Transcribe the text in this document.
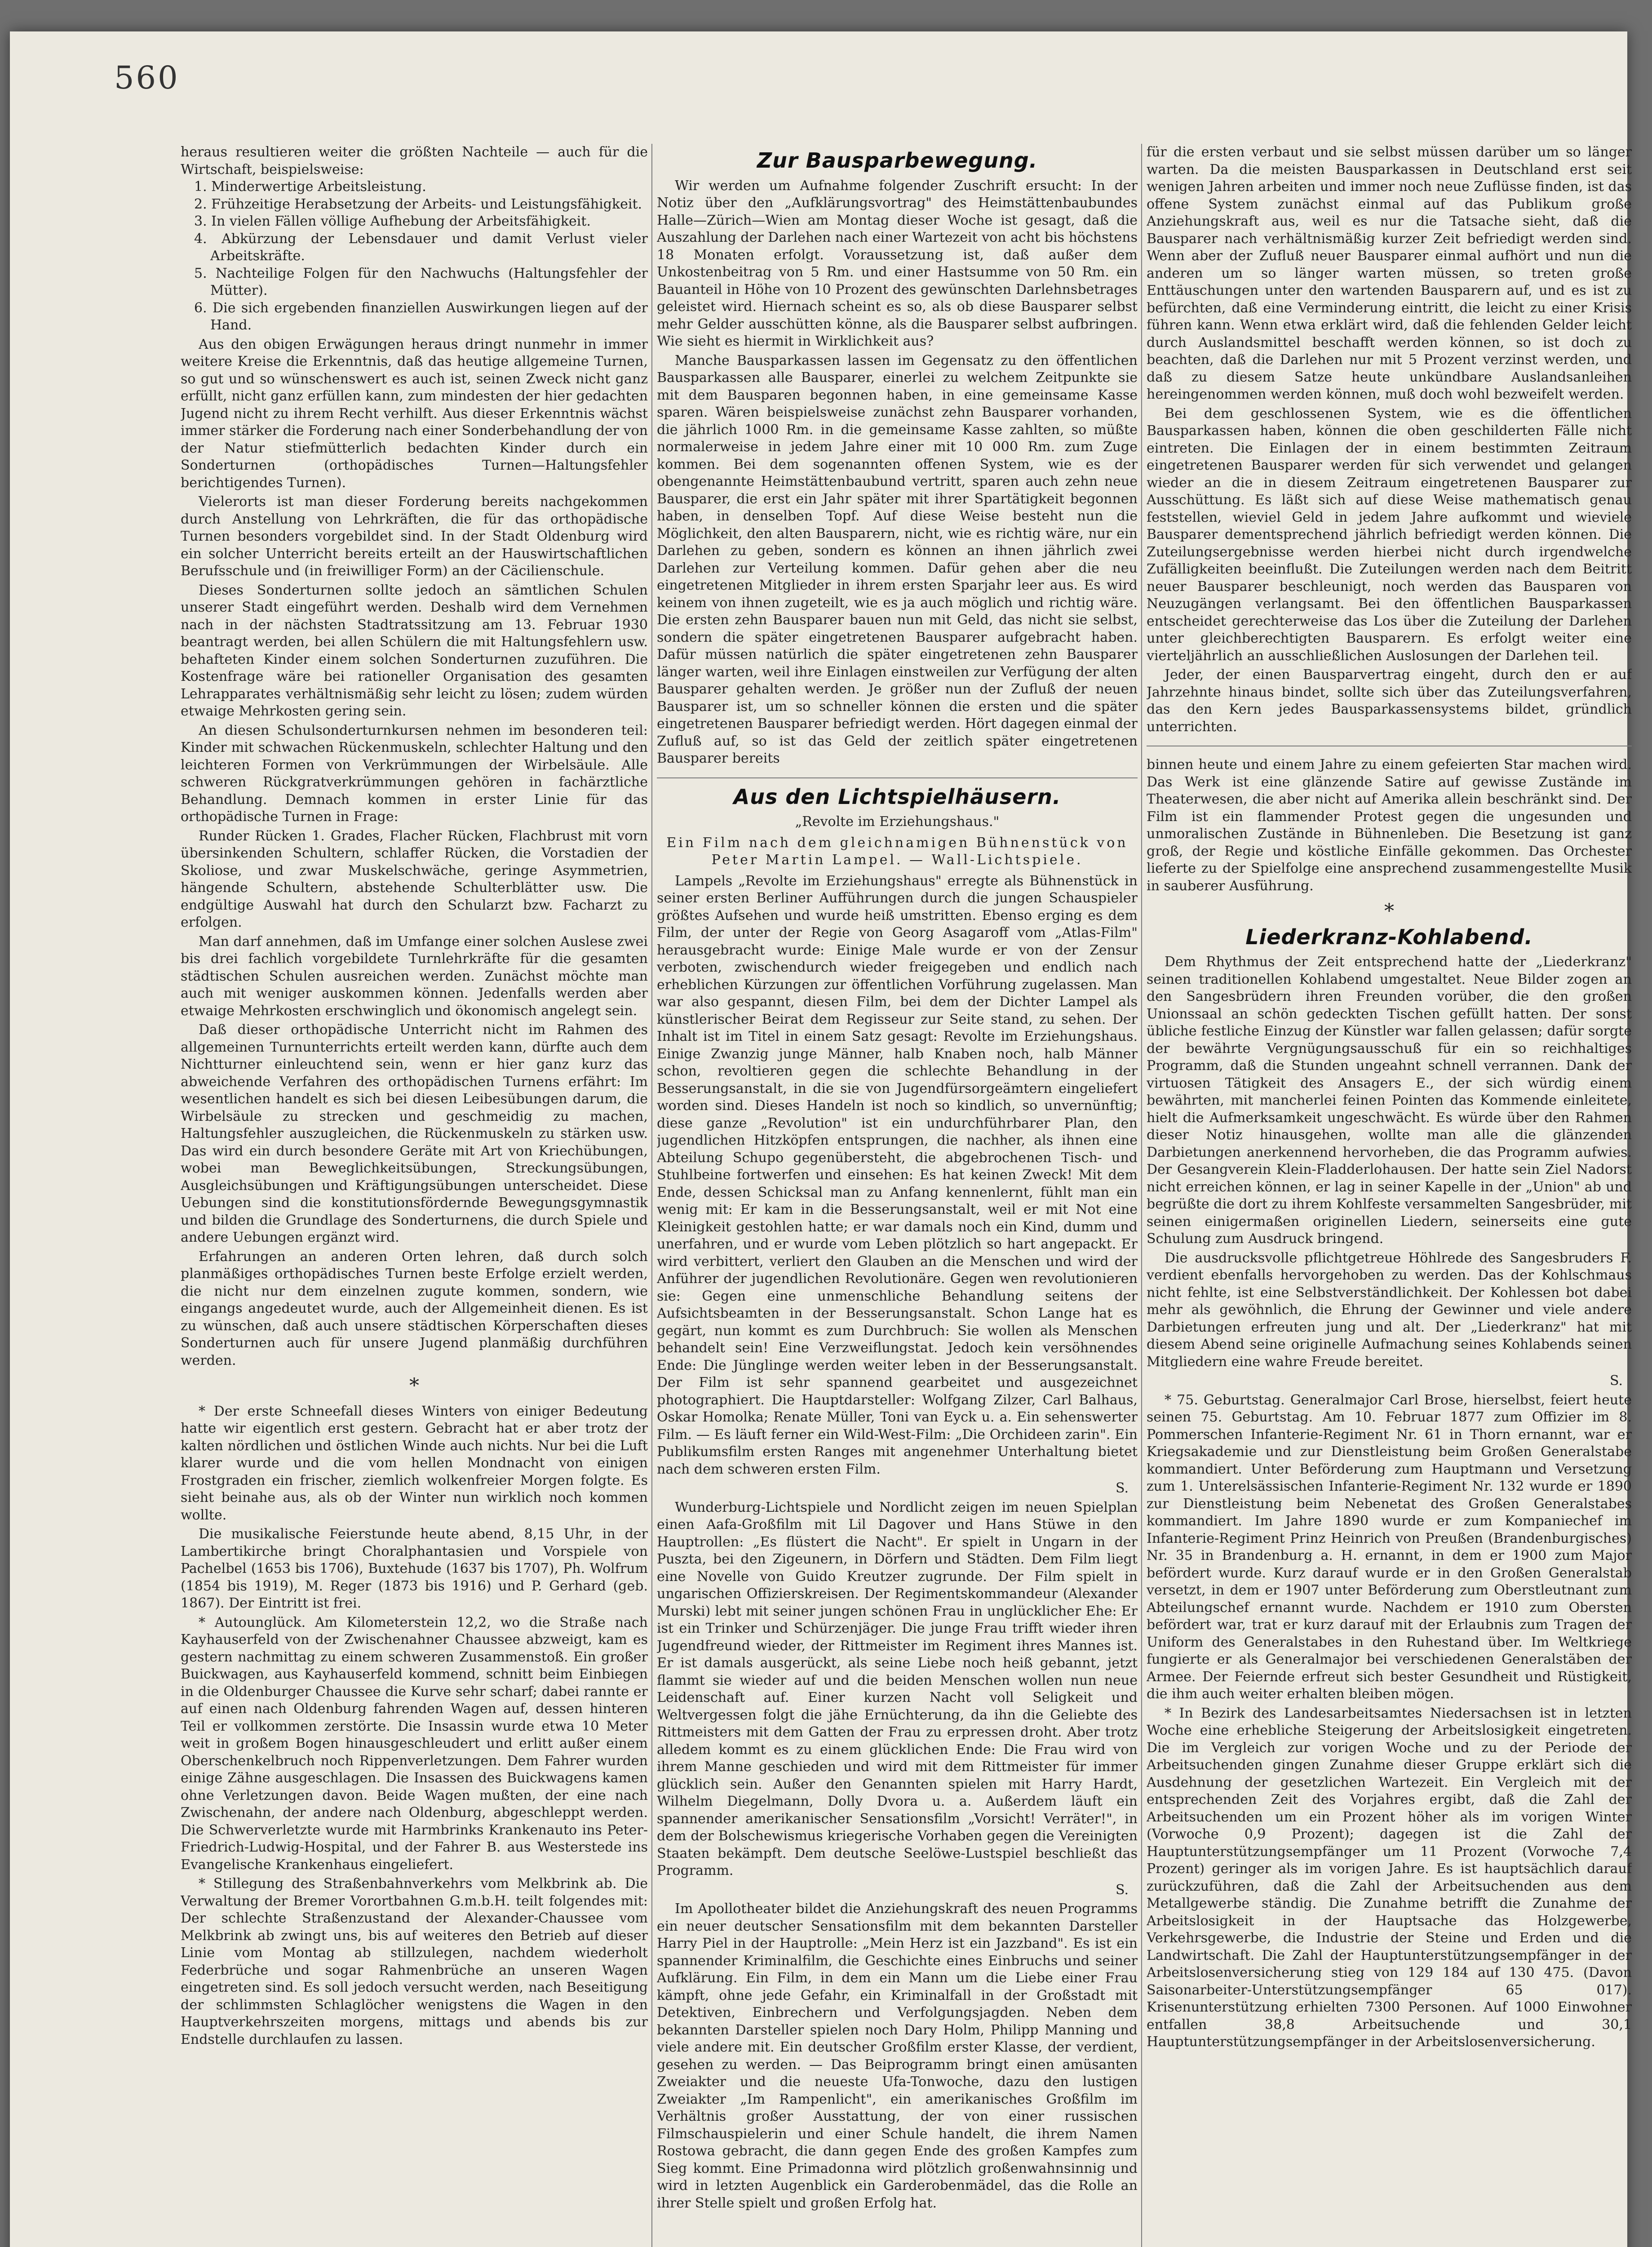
560

heraus resultieren weiter die größten Nachteile — auch für die Wirtschaft, beispielsweise:

1. Minderwertige Arbeitsleistung.

2. Frühzeitige Herabsetzung der Arbeits- und Leistungsfähigkeit.

3. In vielen Fällen völlige Aufhebung der Arbeitsfähigkeit.

4. Abkürzung der Lebensdauer und damit Verlust vieler Arbeitskräfte.

5. Nachteilige Folgen für den Nachwuchs (Haltungsfehler der Mütter).

6. Die sich ergebenden finanziellen Auswirkungen liegen auf der Hand.

Aus den obigen Erwägungen heraus dringt nunmehr in immer weitere Kreise die Erkenntnis, daß das heutige allgemeine Turnen, so gut und so wünschenswert es auch ist, seinen Zweck nicht ganz erfüllt, nicht ganz erfüllen kann, zum mindesten der hier gedachten Jugend nicht zu ihrem Recht verhilft. Aus dieser Erkenntnis wächst immer stärker die Forderung nach einer Sonderbehandlung der von der Natur stiefmütterlich bedachten Kinder durch ein Sonderturnen (orthopädisches Turnen—Haltungsfehler berichtigendes Turnen).

Vielerorts ist man dieser Forderung bereits nachgekommen durch Anstellung von Lehrkräften, die für das orthopädische Turnen besonders vorgebildet sind. In der Stadt Oldenburg wird ein solcher Unterricht bereits erteilt an der Hauswirtschaftlichen Berufsschule und (in freiwilliger Form) an der Cäcilienschule.

Dieses Sonderturnen sollte jedoch an sämtlichen Schulen unserer Stadt eingeführt werden. Deshalb wird dem Vernehmen nach in der nächsten Stadtratssitzung am 13. Februar 1930 beantragt werden, bei allen Schülern die mit Haltungsfehlern usw. behafteten Kinder einem solchen Sonderturnen zuzuführen. Die Kostenfrage wäre bei rationeller Organisation des gesamten Lehrapparates verhältnismäßig sehr leicht zu lösen; zudem würden etwaige Mehrkosten gering sein.

An diesen Schulsonderturnkursen nehmen im besonderen teil: Kinder mit schwachen Rückenmuskeln, schlechter Haltung und den leichteren Formen von Verkrümmungen der Wirbelsäule. Alle schweren Rückgratverkrümmungen gehören in fachärztliche Behandlung. Demnach kommen in erster Linie für das orthopädische Turnen in Frage:

Runder Rücken 1. Grades, Flacher Rücken, Flachbrust mit vorn übersinkenden Schultern, schlaffer Rücken, die Vorstadien der Skoliose, und zwar Muskelschwäche, geringe Asymmetrien, hängende Schultern, abstehende Schulterblätter usw. Die endgültige Auswahl hat durch den Schularzt bzw. Facharzt zu erfolgen.

Man darf annehmen, daß im Umfange einer solchen Auslese zwei bis drei fachlich vorgebildete Turnlehrkräfte für die gesamten städtischen Schulen ausreichen werden. Zunächst möchte man auch mit weniger auskommen können. Jedenfalls werden aber etwaige Mehrkosten erschwinglich und ökonomisch angelegt sein.

Daß dieser orthopädische Unterricht nicht im Rahmen des allgemeinen Turnunterrichts erteilt werden kann, dürfte auch dem Nichtturner einleuchtend sein, wenn er hier ganz kurz das abweichende Verfahren des orthopädischen Turnens erfährt: Im wesentlichen handelt es sich bei diesen Leibesübungen darum, die Wirbelsäule zu strecken und geschmeidig zu machen, Haltungsfehler auszugleichen, die Rückenmuskeln zu stärken usw. Das wird ein durch besondere Geräte mit Art von Kriechübungen, wobei man Beweglichkeitsübungen, Streckungsübungen, Ausgleichsübungen und Kräftigungsübungen unterscheidet. Diese Uebungen sind die konstitutionsfördernde Bewegungsgymnastik und bilden die Grundlage des Sonderturnens, die durch Spiele und andere Uebungen ergänzt wird.

Erfahrungen an anderen Orten lehren, daß durch solch planmäßiges orthopädisches Turnen beste Erfolge erzielt werden, die nicht nur dem einzelnen zugute kommen, sondern, wie eingangs angedeutet wurde, auch der Allgemeinheit dienen. Es ist zu wünschen, daß auch unsere städtischen Körperschaften dieses Sonderturnen auch für unsere Jugend planmäßig durchführen werden.

*

* Der erste Schneefall dieses Winters von einiger Bedeutung hatte wir eigentlich erst gestern. Gebracht hat er aber trotz der kalten nördlichen und östlichen Winde auch nichts. Nur bei die Luft klarer wurde und die vom hellen Mondnacht von einigen Frostgraden ein frischer, ziemlich wolkenfreier Morgen folgte. Es sieht beinahe aus, als ob der Winter nun wirklich noch kommen wollte.

Die musikalische Feierstunde heute abend, 8,15 Uhr, in der Lambertikirche bringt Choralphantasien und Vorspiele von Pachelbel (1653 bis 1706), Buxtehude (1637 bis 1707), Ph. Wolfrum (1854 bis 1919), M. Reger (1873 bis 1916) und P. Gerhard (geb. 1867). Der Eintritt ist frei.

* Autounglück. Am Kilometerstein 12,2, wo die Straße nach Kayhauserfeld von der Zwischenahner Chaussee abzweigt, kam es gestern nachmittag zu einem schweren Zusammenstoß. Ein großer Buickwagen, aus Kayhauserfeld kommend, schnitt beim Einbiegen in die Oldenburger Chaussee die Kurve sehr scharf; dabei rannte er auf einen nach Oldenburg fahrenden Wagen auf, dessen hinteren Teil er vollkommen zerstörte. Die Insassin wurde etwa 10 Meter weit in großem Bogen hinausgeschleudert und erlitt außer einem Oberschenkelbruch noch Rippenverletzungen. Dem Fahrer wurden einige Zähne ausgeschlagen. Die Insassen des Buickwagens kamen ohne Verletzungen davon. Beide Wagen mußten, der eine nach Zwischenahn, der andere nach Oldenburg, abgeschleppt werden. Die Schwerverletzte wurde mit Harmbrinks Krankenauto ins Peter-Friedrich-Ludwig-Hospital, und der Fahrer B. aus Westerstede ins Evangelische Krankenhaus eingeliefert.

* Stillegung des Straßenbahnverkehrs vom Melkbrink ab. Die Verwaltung der Bremer Vorortbahnen G.m.b.H. teilt folgendes mit: Der schlechte Straßenzustand der Alexander-Chaussee vom Melkbrink ab zwingt uns, bis auf weiteres den Betrieb auf dieser Linie vom Montag ab stillzulegen, nachdem wiederholt Federbrüche und sogar Rahmenbrüche an unseren Wagen eingetreten sind. Es soll jedoch versucht werden, nach Beseitigung der schlimmsten Schlaglöcher wenigstens die Wagen in den Hauptverkehrszeiten morgens, mittags und abends bis zur Endstelle durchlaufen zu lassen.

Zur Bausparbewegung.

Wir werden um Aufnahme folgender Zuschrift ersucht: In der Notiz über den „Aufklärungsvortrag" des Heimstättenbaubundes Halle—Zürich—Wien am Montag dieser Woche ist gesagt, daß die Auszahlung der Darlehen nach einer Wartezeit von acht bis höchstens 18 Monaten erfolgt. Voraussetzung ist, daß außer dem Unkostenbeitrag von 5 Rm. und einer Hastsumme von 50 Rm. ein Bauanteil in Höhe von 10 Prozent des gewünschten Darlehnsbetrages geleistet wird. Hiernach scheint es so, als ob diese Bausparer selbst mehr Gelder ausschütten könne, als die Bausparer selbst aufbringen. Wie sieht es hiermit in Wirklichkeit aus?

Manche Bausparkassen lassen im Gegensatz zu den öffentlichen Bausparkassen alle Bausparer, einerlei zu welchem Zeitpunkte sie mit dem Bausparen begonnen haben, in eine gemeinsame Kasse sparen. Wären beispielsweise zunächst zehn Bausparer vorhanden, die jährlich 1000 Rm. in die gemeinsame Kasse zahlten, so müßte normalerweise in jedem Jahre einer mit 10 000 Rm. zum Zuge kommen. Bei dem sogenannten offenen System, wie es der obengenannte Heimstättenbaubund vertritt, sparen auch zehn neue Bausparer, die erst ein Jahr später mit ihrer Spartätigkeit begonnen haben, in denselben Topf. Auf diese Weise besteht nun die Möglichkeit, den alten Bausparern, nicht, wie es richtig wäre, nur ein Darlehen zu geben, sondern es können an ihnen jährlich zwei Darlehen zur Verteilung kommen. Dafür gehen aber die neu eingetretenen Mitglieder in ihrem ersten Sparjahr leer aus. Es wird keinem von ihnen zugeteilt, wie es ja auch möglich und richtig wäre. Die ersten zehn Bausparer bauen nun mit Geld, das nicht sie selbst, sondern die später eingetretenen Bausparer aufgebracht haben. Dafür müssen natürlich die später eingetretenen zehn Bausparer länger warten, weil ihre Einlagen einstweilen zur Verfügung der alten Bausparer gehalten werden. Je größer nun der Zufluß der neuen Bausparer ist, um so schneller können die ersten und die später eingetretenen Bausparer befriedigt werden. Hört dagegen einmal der Zufluß auf, so ist das Geld der zeitlich später eingetretenen Bausparer bereits

Aus den Lichtspielhäusern.

„Revolte im Erziehungshaus."

Ein Film nach dem gleichnamigen Bühnenstück von Peter Martin Lampel. — Wall-Lichtspiele.

Lampels „Revolte im Erziehungshaus" erregte als Bühnenstück in seiner ersten Berliner Aufführungen durch die jungen Schauspieler größtes Aufsehen und wurde heiß umstritten. Ebenso erging es dem Film, der unter der Regie von Georg Asagaroff vom „Atlas-Film" herausgebracht wurde: Einige Male wurde er von der Zensur verboten, zwischendurch wieder freigegeben und endlich nach erheblichen Kürzungen zur öffentlichen Vorführung zugelassen. Man war also gespannt, diesen Film, bei dem der Dichter Lampel als künstlerischer Beirat dem Regisseur zur Seite stand, zu sehen. Der Inhalt ist im Titel in einem Satz gesagt: Revolte im Erziehungshaus. Einige Zwanzig junge Männer, halb Knaben noch, halb Männer schon, revoltieren gegen die schlechte Behandlung in der Besserungsanstalt, in die sie von Jugendfürsorgeämtern eingeliefert worden sind. Dieses Handeln ist noch so kindlich, so unvernünftig; diese ganze „Revolution" ist ein undurchführbarer Plan, den jugendlichen Hitzköpfen entsprungen, die nachher, als ihnen eine Abteilung Schupo gegenübersteht, die abgebrochenen Tisch- und Stuhlbeine fortwerfen und einsehen: Es hat keinen Zweck! Mit dem Ende, dessen Schicksal man zu Anfang kennenlernt, fühlt man ein wenig mit: Er kam in die Besserungsanstalt, weil er mit Not eine Kleinigkeit gestohlen hatte; er war damals noch ein Kind, dumm und unerfahren, und er wurde vom Leben plötzlich so hart angepackt. Er wird verbittert, verliert den Glauben an die Menschen und wird der Anführer der jugendlichen Revolutionäre. Gegen wen revolutionieren sie: Gegen eine unmenschliche Behandlung seitens der Aufsichtsbeamten in der Besserungsanstalt. Schon Lange hat es gegärt, nun kommt es zum Durchbruch: Sie wollen als Menschen behandelt sein! Eine Verzweiflungstat. Jedoch kein versöhnendes Ende: Die Jünglinge werden weiter leben in der Besserungsanstalt. Der Film ist sehr spannend gearbeitet und ausgezeichnet photographiert. Die Hauptdarsteller: Wolfgang Zilzer, Carl Balhaus, Oskar Homolka; Renate Müller, Toni van Eyck u. a. Ein sehenswerter Film. — Es läuft ferner ein Wild-West-Film: „Die Orchideen zarin". Ein Publikumsfilm ersten Ranges mit angenehmer Unterhaltung bietet nach dem schweren ersten Film.

S.

Wunderburg-Lichtspiele und Nordlicht zeigen im neuen Spielplan einen Aafa-Großfilm mit Lil Dagover und Hans Stüwe in den Hauptrollen: „Es flüstert die Nacht". Er spielt in Ungarn in der Puszta, bei den Zigeunern, in Dörfern und Städten. Dem Film liegt eine Novelle von Guido Kreutzer zugrunde. Der Film spielt in ungarischen Offizierskreisen. Der Regimentskommandeur (Alexander Murski) lebt mit seiner jungen schönen Frau in unglücklicher Ehe: Er ist ein Trinker und Schürzenjäger. Die junge Frau trifft wieder ihren Jugendfreund wieder, der Rittmeister im Regiment ihres Mannes ist. Er ist damals ausgerückt, als seine Liebe noch heiß gebannt, jetzt flammt sie wieder auf und die beiden Menschen wollen nun neue Leidenschaft auf. Einer kurzen Nacht voll Seligkeit und Weltvergessen folgt die jähe Ernüchterung, da ihn die Geliebte des Rittmeisters mit dem Gatten der Frau zu erpressen droht. Aber trotz alledem kommt es zu einem glücklichen Ende: Die Frau wird von ihrem Manne geschieden und wird mit dem Rittmeister für immer glücklich sein. Außer den Genannten spielen mit Harry Hardt, Wilhelm Diegelmann, Dolly Dvora u. a. Außerdem läuft ein spannender amerikanischer Sensationsfilm „Vorsicht! Verräter!", in dem der Bolschewismus kriegerische Vorhaben gegen die Vereinigten Staaten bekämpft. Dem deutsche Seelöwe-Lustspiel beschließt das Programm.

S.

Im Apollotheater bildet die Anziehungskraft des neuen Programms ein neuer deutscher Sensationsfilm mit dem bekannten Darsteller Harry Piel in der Hauptrolle: „Mein Herz ist ein Jazzband". Es ist ein spannender Kriminalfilm, die Geschichte eines Einbruchs und seiner Aufklärung. Ein Film, in dem ein Mann um die Liebe einer Frau kämpft, ohne jede Gefahr, ein Kriminalfall in der Großstadt mit Detektiven, Einbrechern und Verfolgungsjagden. Neben dem bekannten Darsteller spielen noch Dary Holm, Philipp Manning und viele andere mit. Ein deutscher Großfilm erster Klasse, der verdient, gesehen zu werden. — Das Beiprogramm bringt einen amüsanten Zweiakter und die neueste Ufa-Tonwoche, dazu den lustigen Zweiakter „Im Rampenlicht", ein amerikanisches Großfilm im Verhältnis großer Ausstattung, der von einer russischen Filmschauspielerin und einer Schule handelt, die ihrem Namen Rostowa gebracht, die dann gegen Ende des großen Kampfes zum Sieg kommt. Eine Primadonna wird plötzlich großenwahnsinnig und wird in letzten Augenblick ein Garderobenmädel, das die Rolle an ihrer Stelle spielt und großen Erfolg hat.

für die ersten verbaut und sie selbst müssen darüber um so länger warten. Da die meisten Bausparkassen in Deutschland erst seit wenigen Jahren arbeiten und immer noch neue Zuflüsse finden, ist das offene System zunächst einmal auf das Publikum große Anziehungskraft aus, weil es nur die Tatsache sieht, daß die Bausparer nach verhältnismäßig kurzer Zeit befriedigt werden sind. Wenn aber der Zufluß neuer Bausparer einmal aufhört und nun die anderen um so länger warten müssen, so treten große Enttäuschungen unter den wartenden Bausparern auf, und es ist zu befürchten, daß eine Verminderung eintritt, die leicht zu einer Krisis führen kann. Wenn etwa erklärt wird, daß die fehlenden Gelder leicht durch Auslandsmittel beschafft werden können, so ist doch zu beachten, daß die Darlehen nur mit 5 Prozent verzinst werden, und daß zu diesem Satze heute unkündbare Auslandsanleihen hereingenommen werden können, muß doch wohl bezweifelt werden.

Bei dem geschlossenen System, wie es die öffentlichen Bausparkassen haben, können die oben geschilderten Fälle nicht eintreten. Die Einlagen der in einem bestimmten Zeitraum eingetretenen Bausparer werden für sich verwendet und gelangen wieder an die in diesem Zeitraum eingetretenen Bausparer zur Ausschüttung. Es läßt sich auf diese Weise mathematisch genau feststellen, wieviel Geld in jedem Jahre aufkommt und wieviele Bausparer dementsprechend jährlich befriedigt werden können. Die Zuteilungsergebnisse werden hierbei nicht durch irgendwelche Zufälligkeiten beeinflußt. Die Zuteilungen werden nach dem Beitritt neuer Bausparer beschleunigt, noch werden das Bausparen von Neuzugängen verlangsamt. Bei den öffentlichen Bausparkassen entscheidet gerechterweise das Los über die Zuteilung der Darlehen unter gleichberechtigten Bausparern. Es erfolgt weiter eine vierteljährlich an ausschließlichen Auslosungen der Darlehen teil.

Jeder, der einen Bausparvertrag eingeht, durch den er auf Jahrzehnte hinaus bindet, sollte sich über das Zuteilungsverfahren, das den Kern jedes Bausparkassensystems bildet, gründlich unterrichten.

binnen heute und einem Jahre zu einem gefeierten Star machen wird. Das Werk ist eine glänzende Satire auf gewisse Zustände im Theaterwesen, die aber nicht auf Amerika allein beschränkt sind. Der Film ist ein flammender Protest gegen die ungesunden und unmoralischen Zustände in Bühnenleben. Die Besetzung ist ganz groß, der Regie und köstliche Einfälle gekommen. Das Orchester lieferte zu der Spielfolge eine ansprechend zusammengestellte Musik in sauberer Ausführung.

*

Liederkranz-Kohlabend.

Dem Rhythmus der Zeit entsprechend hatte der „Liederkranz" seinen traditionellen Kohlabend umgestaltet. Neue Bilder zogen an den Sangesbrüdern ihren Freunden vorüber, die den großen Unionssaal an schön gedeckten Tischen gefüllt hatten. Der sonst übliche festliche Einzug der Künstler war fallen gelassen; dafür sorgte der bewährte Vergnügungsausschuß für ein so reichhaltiges Programm, daß die Stunden ungeahnt schnell verrannen. Dank der virtuosen Tätigkeit des Ansagers E., der sich würdig einem bewährten, mit mancherlei feinen Pointen das Kommende einleitete, hielt die Aufmerksamkeit ungeschwächt. Es würde über den Rahmen dieser Notiz hinausgehen, wollte man alle die glänzenden Darbietungen anerkennend hervorheben, die das Programm aufwies. Der Gesangverein Klein-Fladderlohausen. Der hatte sein Ziel Nadorst nicht erreichen können, er lag in seiner Kapelle in der „Union" ab und begrüßte die dort zu ihrem Kohlfeste versammelten Sangesbrüder, mit seinen einigermaßen originellen Liedern, seinerseits eine gute Schulung zum Ausdruck bringend.

Die ausdrucksvolle pflichtgetreue Höhlrede des Sangesbruders F. verdient ebenfalls hervorgehoben zu werden. Das der Kohlschmaus nicht fehlte, ist eine Selbstverständlichkeit. Der Kohlessen bot dabei mehr als gewöhnlich, die Ehrung der Gewinner und viele andere Darbietungen erfreuten jung und alt. Der „Liederkranz" hat mit diesem Abend seine originelle Aufmachung seines Kohlabends seinen Mitgliedern eine wahre Freude bereitet.

S.

* 75. Geburtstag. Generalmajor Carl Brose, hierselbst, feiert heute seinen 75. Geburtstag. Am 10. Februar 1877 zum Offizier im 8. Pommerschen Infanterie-Regiment Nr. 61 in Thorn ernannt, war er Kriegsakademie und zur Dienstleistung beim Großen Generalstabe kommandiert. Unter Beförderung zum Hauptmann und Versetzung zum 1. Unterelsässischen Infanterie-Regiment Nr. 132 wurde er 1890 zur Dienstleistung beim Nebenetat des Großen Generalstabes kommandiert. Im Jahre 1890 wurde er zum Kompaniechef im Infanterie-Regiment Prinz Heinrich von Preußen (Brandenburgisches) Nr. 35 in Brandenburg a. H. ernannt, in dem er 1900 zum Major befördert wurde. Kurz darauf wurde er in den Großen Generalstab versetzt, in dem er 1907 unter Beförderung zum Oberstleutnant zum Abteilungschef ernannt wurde. Nachdem er 1910 zum Obersten befördert war, trat er kurz darauf mit der Erlaubnis zum Tragen der Uniform des Generalstabes in den Ruhestand über. Im Weltkriege fungierte er als Generalmajor bei verschiedenen Generalstäben der Armee. Der Feiernde erfreut sich bester Gesundheit und Rüstigkeit, die ihm auch weiter erhalten bleiben mögen.

* In Bezirk des Landesarbeitsamtes Niedersachsen ist in letzten Woche eine erhebliche Steigerung der Arbeitslosigkeit eingetreten. Die im Vergleich zur vorigen Woche und zu der Periode der Arbeitsuchenden gingen Zunahme dieser Gruppe erklärt sich die Ausdehnung der gesetzlichen Wartezeit. Ein Vergleich mit der entsprechenden Zeit des Vorjahres ergibt, daß die Zahl der Arbeitsuchenden um ein Prozent höher als im vorigen Winter (Vorwoche 0,9 Prozent); dagegen ist die Zahl der Hauptunterstützungsempfänger um 11 Prozent (Vorwoche 7,4 Prozent) geringer als im vorigen Jahre. Es ist hauptsächlich darauf zurückzuführen, daß die Zahl der Arbeitsuchenden aus dem Metallgewerbe ständig. Die Zunahme betrifft die Zunahme der Arbeitslosigkeit in der Hauptsache das Holzgewerbe, Verkehrsgewerbe, die Industrie der Steine und Erden und die Landwirtschaft. Die Zahl der Hauptunterstützungsempfänger in der Arbeitslosenversicherung stieg von 129 184 auf 130 475. (Davon Saisonarbeiter-Unterstützungsempfänger 65 017). Krisenunterstützung erhielten 7300 Personen. Auf 1000 Einwohner entfallen 38,8 Arbeitsuchende und 30,1 Hauptunterstützungsempfänger in der Arbeitslosenversicherung.
